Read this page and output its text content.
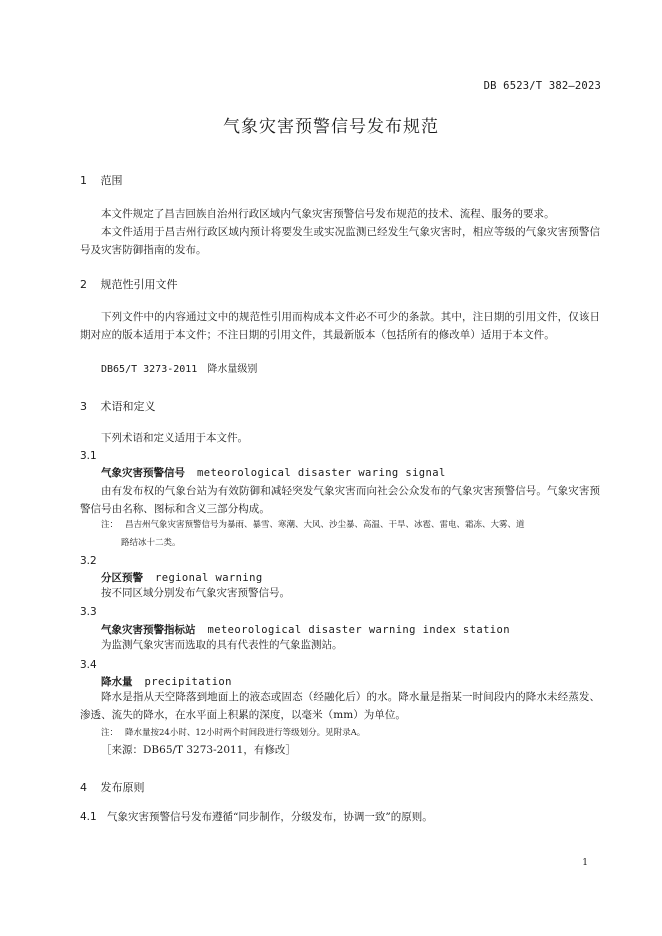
DB 6523/T 382—2023
气象灾害预警信号发布规范
1 范围
本文件规定了昌吉回族自治州行政区域内气象灾害预警信号发布规范的技术、流程、服务的要求。
本文件适用于昌吉州行政区域内预计将要发生或实况监测已经发生气象灾害时，相应等级的气象灾害预警信号及灾害防御指南的发布。
2 规范性引用文件
下列文件中的内容通过文中的规范性引用而构成本文件必不可少的条款。其中，注日期的引用文件，仅该日期对应的版本适用于本文件；不注日期的引用文件，其最新版本（包括所有的修改单）适用于本文件。
DB65/T 3273-2011　降水量级别
3 术语和定义
下列术语和定义适用于本文件。
3.1
气象灾害预警信号 meteorological disaster waring signal
由有发布权的气象台站为有效防御和减轻突发气象灾害而向社会公众发布的气象灾害预警信号。气象灾害预警信号由名称、图标和含义三部分构成。
注： 昌吉州气象灾害预警信号为暴雨、暴雪、寒潮、大风、沙尘暴、高温、干旱、冰雹、雷电、霜冻、大雾、道
路结冰十二类。
3.2
分区预警 regional warning
按不同区域分别发布气象灾害预警信号。
3.3
气象灾害预警指标站 meteorological disaster warning index station
为监测气象灾害而选取的具有代表性的气象监测站。
3.4
降水量 precipitation
降水是指从天空降落到地面上的液态或固态（经融化后）的水。降水量是指某一时间段内的降水未经蒸发、渗透、流失的降水，在水平面上积累的深度，以毫米（mm）为单位。
注： 降水量按24小时、12小时两个时间段进行等级划分。见附录A。
［来源：DB65/T 3273-2011，有修改］
4 发布原则
4.1 气象灾害预警信号发布遵循“同步制作，分级发布，协调一致”的原则。
1
